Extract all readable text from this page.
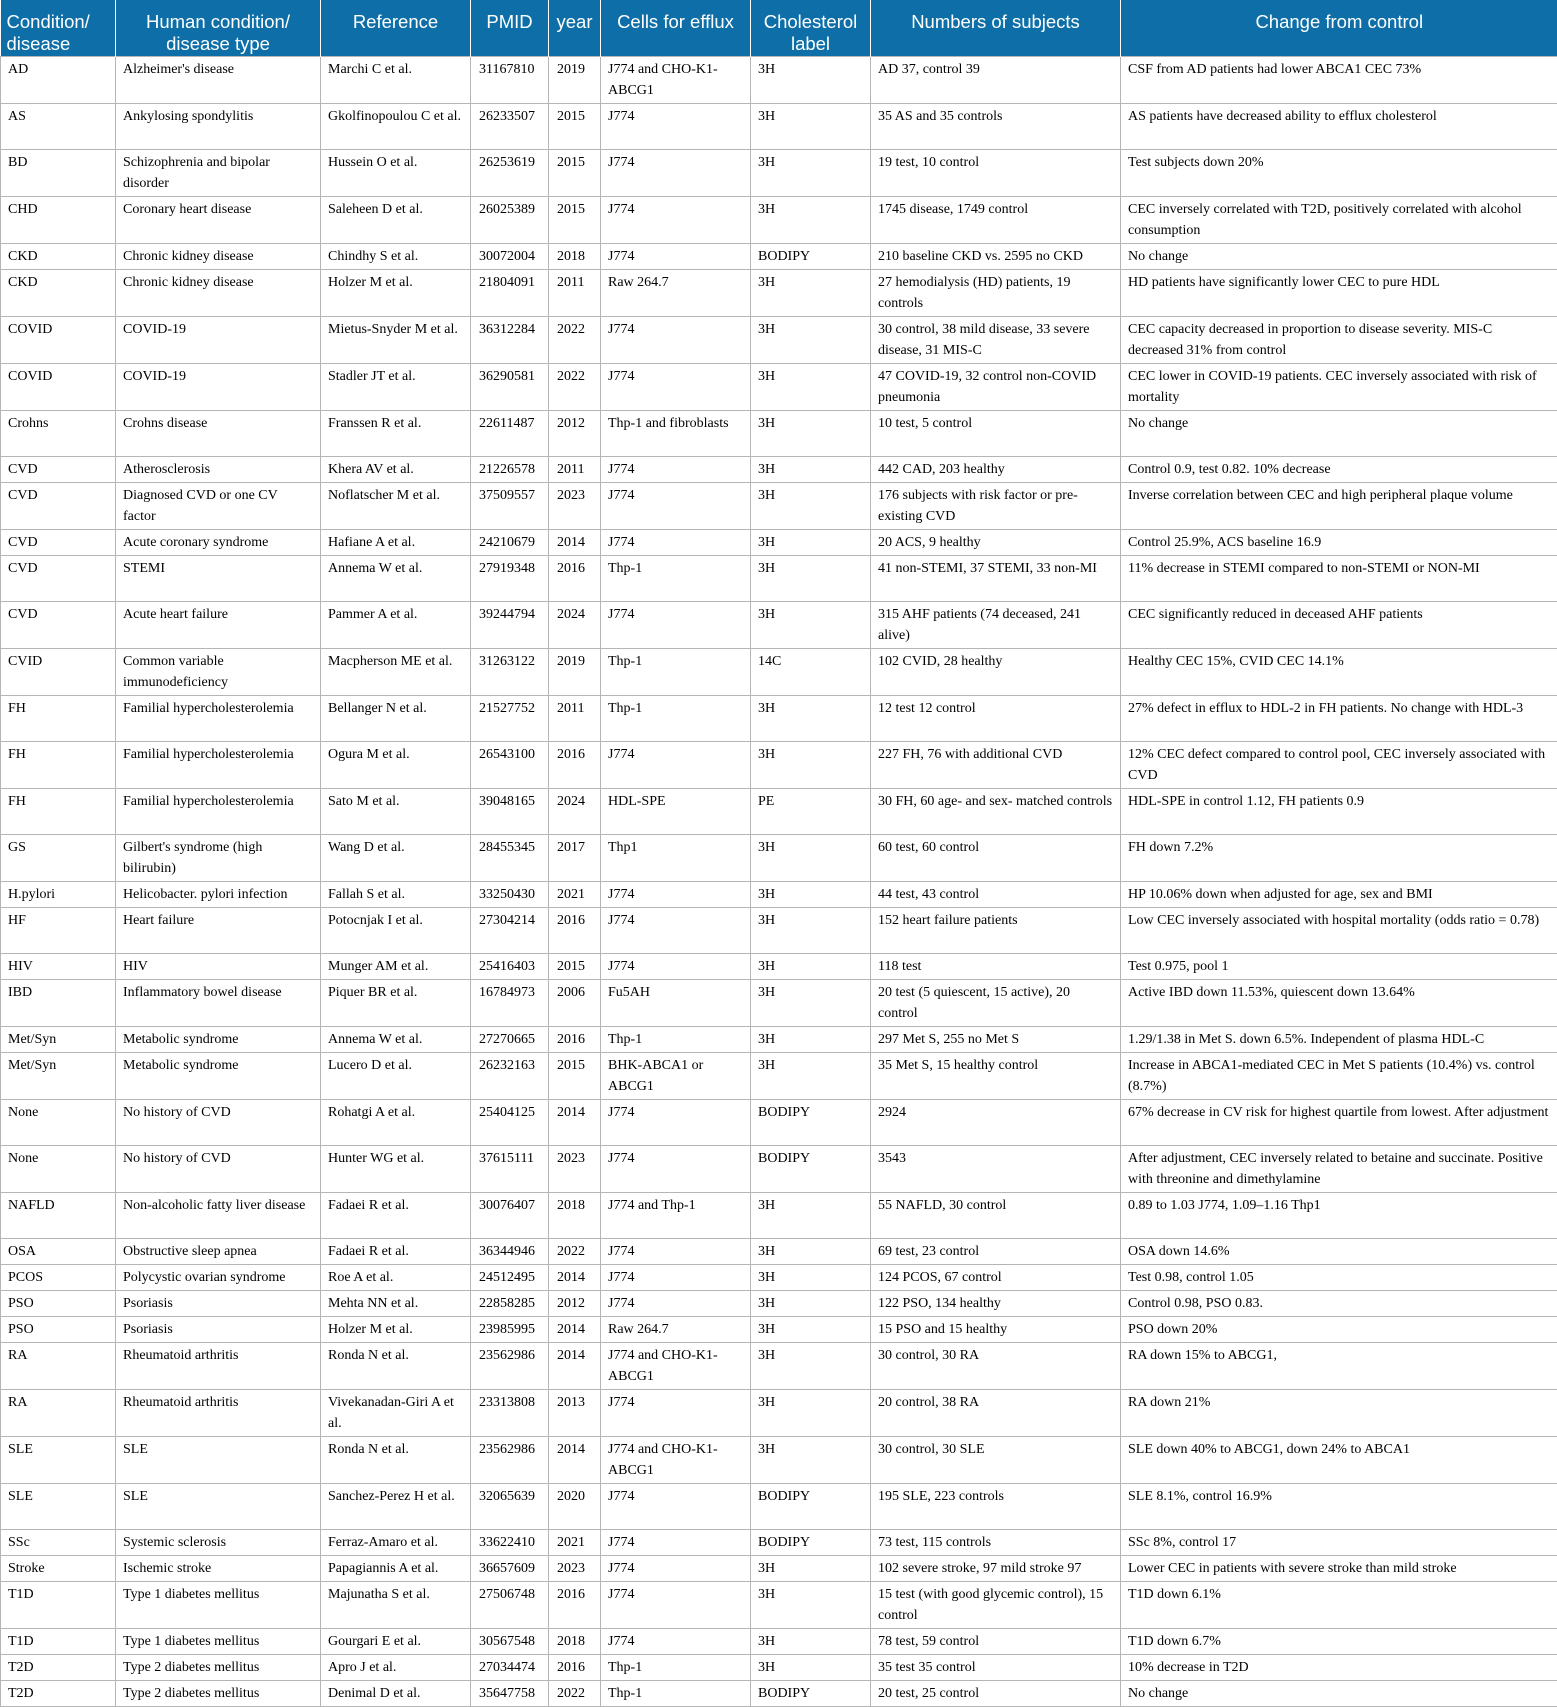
Condition/ disease	Human condition/ disease type	Reference	PMID	year	Cells for efflux	Cholesterol label	Numbers of subjects	Change from control
AD	Alzheimer's disease	Marchi C et al.	31167810	2019	J774 and CHO-K1-ABCG1	3H	AD 37, control 39	CSF from AD patients had lower ABCA1 CEC 73%
AS	Ankylosing spondylitis	Gkolfinopoulou C et al.	26233507	2015	J774	3H	35 AS and 35 controls	AS patients have decreased ability to efflux cholesterol
BD	Schizophrenia and bipolar disorder	Hussein O et al.	26253619	2015	J774	3H	19 test, 10 control	Test subjects down 20%
CHD	Coronary heart disease	Saleheen D et al.	26025389	2015	J774	3H	1745 disease, 1749 control	CEC inversely correlated with T2D, positively correlated with alcohol consumption
CKD	Chronic kidney disease	Chindhy S et al.	30072004	2018	J774	BODIPY	210 baseline CKD vs. 2595 no CKD	No change
CKD	Chronic kidney disease	Holzer M et al.	21804091	2011	Raw 264.7	3H	27 hemodialysis (HD) patients, 19 controls	HD patients have significantly lower CEC to pure HDL
COVID	COVID-19	Mietus-Snyder M et al.	36312284	2022	J774	3H	30 control, 38 mild disease, 33 severe disease, 31 MIS-C	CEC capacity decreased in proportion to disease severity. MIS-C decreased 31% from control
COVID	COVID-19	Stadler JT et al.	36290581	2022	J774	3H	47 COVID-19, 32 control non-COVID pneumonia	CEC lower in COVID-19 patients. CEC inversely associated with risk of mortality
Crohns	Crohns disease	Franssen R et al.	22611487	2012	Thp-1 and fibroblasts	3H	10 test, 5 control	No change
CVD	Atherosclerosis	Khera AV et al.	21226578	2011	J774	3H	442 CAD, 203 healthy	Control 0.9, test 0.82. 10% decrease
CVD	Diagnosed CVD or one CV factor	Noflatscher M et al.	37509557	2023	J774	3H	176 subjects with risk factor or pre-existing CVD	Inverse correlation between CEC and high peripheral plaque volume
CVD	Acute coronary syndrome	Hafiane A et al.	24210679	2014	J774	3H	20 ACS, 9 healthy	Control 25.9%, ACS baseline 16.9
CVD	STEMI	Annema W et al.	27919348	2016	Thp-1	3H	41 non-STEMI, 37 STEMI, 33 non-MI	11% decrease in STEMI compared to non-STEMI or NON-MI
CVD	Acute heart failure	Pammer A et al.	39244794	2024	J774	3H	315 AHF patients (74 deceased, 241 alive)	CEC significantly reduced in deceased AHF patients
CVID	Common variable immunodeficiency	Macpherson ME et al.	31263122	2019	Thp-1	14C	102 CVID, 28 healthy	Healthy CEC 15%, CVID CEC 14.1%
FH	Familial hypercholesterolemia	Bellanger N et al.	21527752	2011	Thp-1	3H	12 test 12 control	27% defect in efflux to HDL-2 in FH patients. No change with HDL-3
FH	Familial hypercholesterolemia	Ogura M et al.	26543100	2016	J774	3H	227 FH, 76 with additional CVD	12% CEC defect compared to control pool, CEC inversely associated with CVD
FH	Familial hypercholesterolemia	Sato M et al.	39048165	2024	HDL-SPE	PE	30 FH, 60 age- and sex- matched controls	HDL-SPE in control 1.12, FH patients 0.9
GS	Gilbert's syndrome (high bilirubin)	Wang D et al.	28455345	2017	Thp1	3H	60 test, 60 control	FH down 7.2%
H.pylori	Helicobacter. pylori infection	Fallah S et al.	33250430	2021	J774	3H	44 test, 43 control	HP 10.06% down when adjusted for age, sex and BMI
HF	Heart failure	Potocnjak I et al.	27304214	2016	J774	3H	152 heart failure patients	Low CEC inversely associated with hospital mortality (odds ratio = 0.78)
HIV	HIV	Munger AM et al.	25416403	2015	J774	3H	118 test	Test 0.975, pool 1
IBD	Inflammatory bowel disease	Piquer BR et al.	16784973	2006	Fu5AH	3H	20 test (5 quiescent, 15 active), 20 control	Active IBD down 11.53%, quiescent down 13.64%
Met/Syn	Metabolic syndrome	Annema W et al.	27270665	2016	Thp-1	3H	297 Met S, 255 no Met S	1.29/1.38 in Met S. down 6.5%. Independent of plasma HDL-C
Met/Syn	Metabolic syndrome	Lucero D et al.	26232163	2015	BHK-ABCA1 or ABCG1	3H	35 Met S, 15 healthy control	Increase in ABCA1-mediated CEC in Met S patients (10.4%) vs. control (8.7%)
None	No history of CVD	Rohatgi A et al.	25404125	2014	J774	BODIPY	2924	67% decrease in CV risk for highest quartile from lowest. After adjustment
None	No history of CVD	Hunter WG et al.	37615111	2023	J774	BODIPY	3543	After adjustment, CEC inversely related to betaine and succinate. Positive with threonine and dimethylamine
NAFLD	Non-alcoholic fatty liver disease	Fadaei R et al.	30076407	2018	J774 and Thp-1	3H	55 NAFLD, 30 control	0.89 to 1.03 J774, 1.09–1.16 Thp1
OSA	Obstructive sleep apnea	Fadaei R et al.	36344946	2022	J774	3H	69 test, 23 control	OSA down 14.6%
PCOS	Polycystic ovarian syndrome	Roe A et al.	24512495	2014	J774	3H	124 PCOS, 67 control	Test 0.98, control 1.05
PSO	Psoriasis	Mehta NN et al.	22858285	2012	J774	3H	122 PSO, 134 healthy	Control 0.98, PSO 0.83.
PSO	Psoriasis	Holzer M et al.	23985995	2014	Raw 264.7	3H	15 PSO and 15 healthy	PSO down 20%
RA	Rheumatoid arthritis	Ronda N et al.	23562986	2014	J774 and CHO-K1-ABCG1	3H	30 control, 30 RA	RA down 15% to ABCG1,
RA	Rheumatoid arthritis	Vivekanadan-Giri A et al.	23313808	2013	J774	3H	20 control, 38 RA	RA down 21%
SLE	SLE	Ronda N et al.	23562986	2014	J774 and CHO-K1-ABCG1	3H	30 control, 30 SLE	SLE down 40% to ABCG1, down 24% to ABCA1
SLE	SLE	Sanchez-Perez H et al.	32065639	2020	J774	BODIPY	195 SLE, 223 controls	SLE 8.1%, control 16.9%
SSc	Systemic sclerosis	Ferraz-Amaro et al.	33622410	2021	J774	BODIPY	73 test, 115 controls	SSc 8%, control 17
Stroke	Ischemic stroke	Papagiannis A et al.	36657609	2023	J774	3H	102 severe stroke, 97 mild stroke 97	Lower CEC in patients with severe stroke than mild stroke
T1D	Type 1 diabetes mellitus	Majunatha S et al.	27506748	2016	J774	3H	15 test (with good glycemic control), 15 control	T1D down 6.1%
T1D	Type 1 diabetes mellitus	Gourgari E et al.	30567548	2018	J774	3H	78 test, 59 control	T1D down 6.7%
T2D	Type 2 diabetes mellitus	Apro J et al.	27034474	2016	Thp-1	3H	35 test 35 control	10% decrease in T2D
T2D	Type 2 diabetes mellitus	Denimal D et al.	35647758	2022	Thp-1	BODIPY	20 test, 25 control	No change
